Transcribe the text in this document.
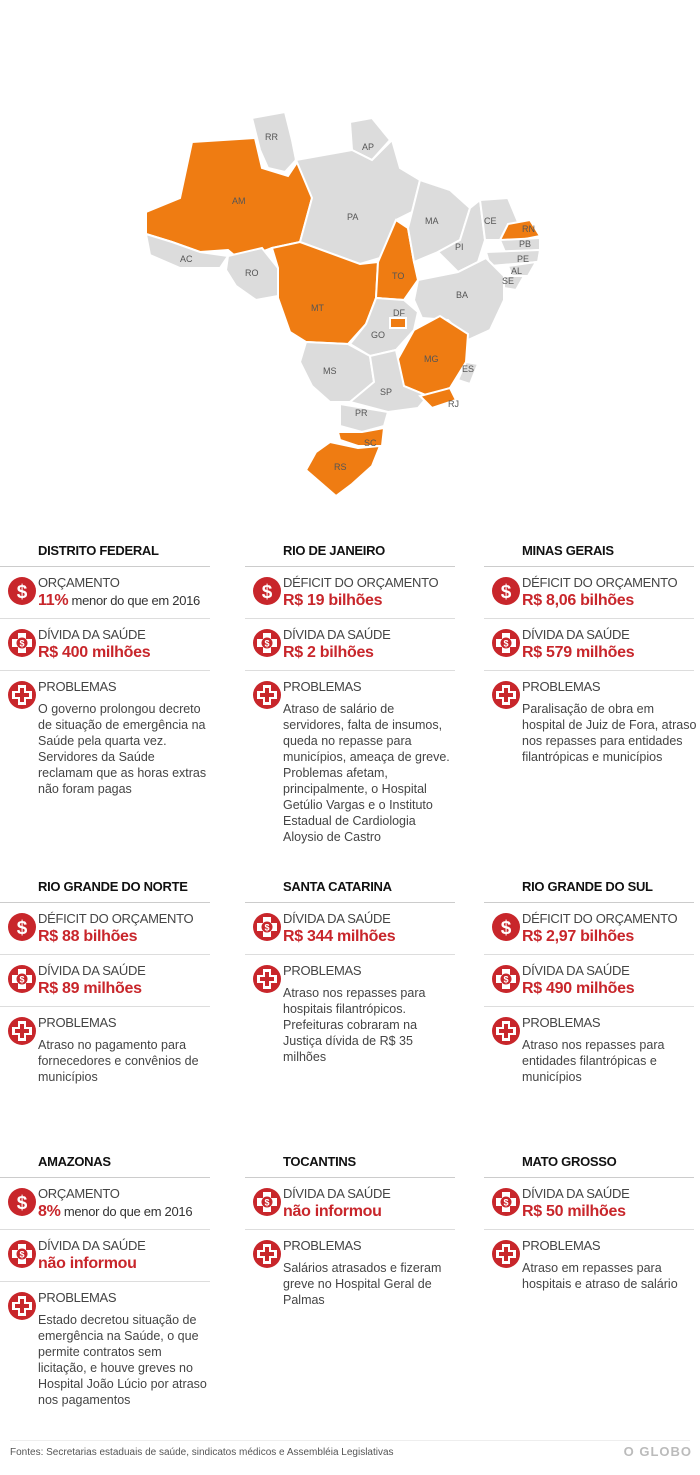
RR
AP
AM
PA	MA	CE
RN
PB
PI
PE
AL
SE
AC
RO	TO
BA
MT	DF
GO
MG
MS	ES
SP
RJ
PR
SC
RS
DISTRITO FEDERAL
$ ORÇAMENTO
11% menor do que em 2016
$
DÍVIDA DA SAÚDE
R$ 400 milhões
PROBLEMAS
O governo prolongou decreto de situação de emergência na Saúde pela quarta vez. Servidores da Saúde reclamam que as horas extras não foram pagas
RIO DE JANEIRO
$ DÉFICIT DO ORÇAMENTO
R$ 19 bilhões
$
DÍVIDA DA SAÚDE
R$ 2 bilhões
PROBLEMAS
Atraso de salário de servidores, falta de insumos, queda no repasse para municípios, ameaça de greve. Problemas afetam, principalmente, o Hospital Getúlio Vargas e o Instituto Estadual de Cardiologia Aloysio de Castro
MINAS GERAIS
$ DÉFICIT DO ORÇAMENTO
R$ 8,06 bilhões
$
DÍVIDA DA SAÚDE
R$ 579 milhões
PROBLEMAS
Paralisação de obra em hospital de Juiz de Fora, atraso nos repasses para entidades filantrópicas e municípios
RIO GRANDE DO NORTE
$ DÉFICIT DO ORÇAMENTO
R$ 88 bilhões
$
DÍVIDA DA SAÚDE
R$ 89 milhões
PROBLEMAS
Atraso no pagamento para fornecedores e convênios de municípios
SANTA CATARINA
$
DÍVIDA DA SAÚDE
R$ 344 milhões
PROBLEMAS
Atraso nos repasses para hospitais filantrópicos. Prefeituras cobraram na Justiça dívida de R$ 35 milhões
RIO GRANDE DO SUL
$ DÉFICIT DO ORÇAMENTO
R$ 2,97 bilhões
$
DÍVIDA DA SAÚDE
R$ 490 milhões
PROBLEMAS
Atraso nos repasses para entidades filantrópicas e municípios
AMAZONAS
$ ORÇAMENTO
8% menor do que em 2016
$
DÍVIDA DA SAÚDE
não informou
PROBLEMAS
Estado decretou situação de emergência na Saúde, o que permite contratos sem licitação, e houve greves no Hospital João Lúcio por atraso nos pagamentos
TOCANTINS
$
DÍVIDA DA SAÚDE
não informou
PROBLEMAS
Salários atrasados e fizeram greve no Hospital Geral de Palmas
MATO GROSSO
$
DÍVIDA DA SAÚDE
R$ 50 milhões
PROBLEMAS
Atraso em repasses para hospitais e atraso de salário
Fontes: Secretarias estaduais de saúde, sindicatos médicos e Assembléia Legislativas	O GLOBO
